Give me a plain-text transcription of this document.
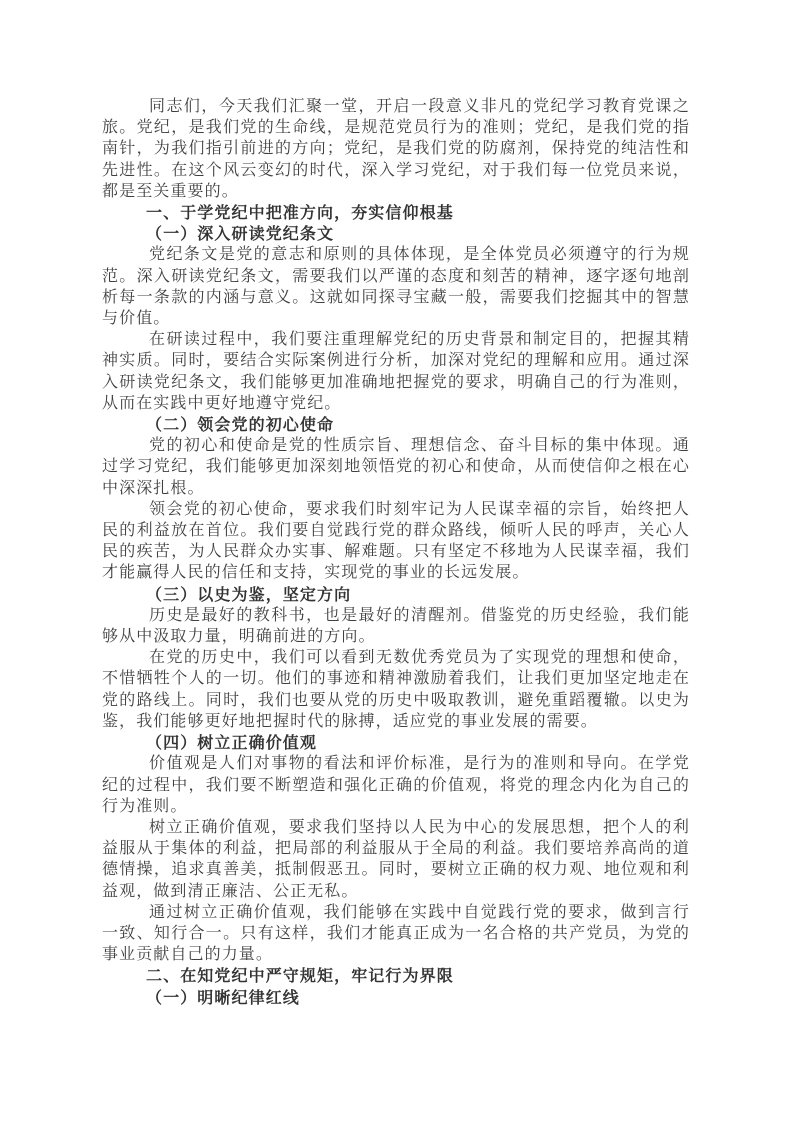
同志们，今天我们汇聚一堂，开启一段意义非凡的党纪学习教育党课之旅。党纪，是我们党的生命线，是规范党员行为的准则；党纪，是我们党的指南针，为我们指引前进的方向；党纪，是我们党的防腐剂，保持党的纯洁性和先进性。在这个风云变幻的时代，深入学习党纪，对于我们每一位党员来说，都是至关重要的。

一、于学党纪中把准方向，夯实信仰根基
（一）深入研读党纪条文

党纪条文是党的意志和原则的具体体现，是全体党员必须遵守的行为规范。深入研读党纪条文，需要我们以严谨的态度和刻苦的精神，逐字逐句地剖析每一条款的内涵与意义。这就如同探寻宝藏一般，需要我们挖掘其中的智慧与价值。

在研读过程中，我们要注重理解党纪的历史背景和制定目的，把握其精神实质。同时，要结合实际案例进行分析，加深对党纪的理解和应用。通过深入研读党纪条文，我们能够更加准确地把握党的要求，明确自己的行为准则，从而在实践中更好地遵守党纪。

（二）领会党的初心使命

党的初心和使命是党的性质宗旨、理想信念、奋斗目标的集中体现。通过学习党纪，我们能够更加深刻地领悟党的初心和使命，从而使信仰之根在心中深深扎根。

领会党的初心使命，要求我们时刻牢记为人民谋幸福的宗旨，始终把人民的利益放在首位。我们要自觉践行党的群众路线，倾听人民的呼声，关心人民的疾苦，为人民群众办实事、解难题。只有坚定不移地为人民谋幸福，我们才能赢得人民的信任和支持，实现党的事业的长远发展。

（三）以史为鉴，坚定方向

历史是最好的教科书，也是最好的清醒剂。借鉴党的历史经验，我们能够从中汲取力量，明确前进的方向。

在党的历史中，我们可以看到无数优秀党员为了实现党的理想和使命，不惜牺牲个人的一切。他们的事迹和精神激励着我们，让我们更加坚定地走在党的路线上。同时，我们也要从党的历史中吸取教训，避免重蹈覆辙。以史为鉴，我们能够更好地把握时代的脉搏，适应党的事业发展的需要。

（四）树立正确价值观

价值观是人们对事物的看法和评价标准，是行为的准则和导向。在学党纪的过程中，我们要不断塑造和强化正确的价值观，将党的理念内化为自己的行为准则。

树立正确价值观，要求我们坚持以人民为中心的发展思想，把个人的利益服从于集体的利益，把局部的利益服从于全局的利益。我们要培养高尚的道德情操，追求真善美，抵制假恶丑。同时，要树立正确的权力观、地位观和利益观，做到清正廉洁、公正无私。

通过树立正确价值观，我们能够在实践中自觉践行党的要求，做到言行一致、知行合一。只有这样，我们才能真正成为一名合格的共产党员，为党的事业贡献自己的力量。

二、在知党纪中严守规矩，牢记行为界限
（一）明晰纪律红线
